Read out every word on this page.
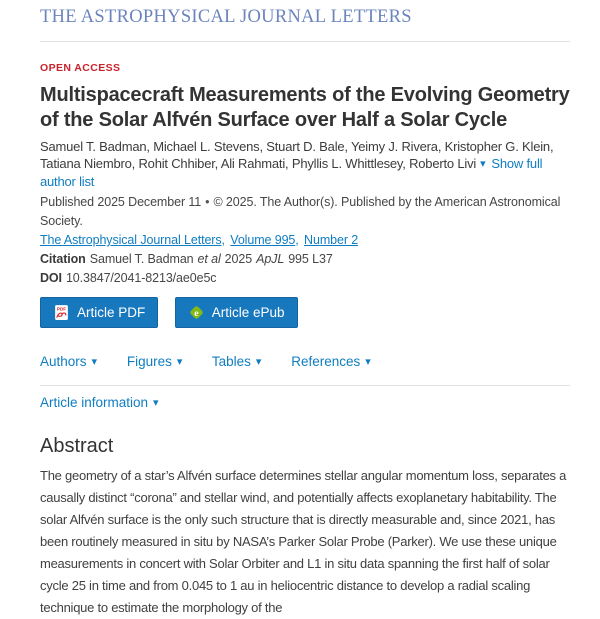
THE ASTROPHYSICAL JOURNAL LETTERS
OPEN ACCESS
Multispacecraft Measurements of the Evolving Geometry of the Solar Alfvén Surface over Half a Solar Cycle
Samuel T. Badman, Michael L. Stevens, Stuart D. Bale, Yeimy J. Rivera, Kristopher G. Klein, Tatiana Niembro, Rohit Chhiber, Ali Rahmati, Phyllis L. Whittlesey, Roberto Livi ▾ Show full author list
Published 2025 December 11 • © 2025. The Author(s). Published by the American Astronomical Society.
The Astrophysical Journal Letters, Volume 995, Number 2
Citation Samuel T. Badman et al 2025 ApJL 995 L37
DOI 10.3847/2041-8213/ae0e5c
PDF Article PDF
	e Article ePub
Authors ▾ Figures ▾ Tables ▾ References ▾
Article information ▾
Abstract

The geometry of a star’s Alfvén surface determines stellar angular momentum loss, separates a causally distinct “corona” and stellar wind, and potentially affects exoplanetary habitability. The solar Alfvén surface is the only such structure that is directly measurable and, since 2021, has been routinely measured in situ by NASA’s Parker Solar Probe (Parker). We use these unique measurements in concert with Solar Orbiter and L1 in situ data spanning the first half of solar cycle 25 in time and from 0.045 to 1 au in heliocentric distance to develop a radial scaling technique to estimate the morphology of the
